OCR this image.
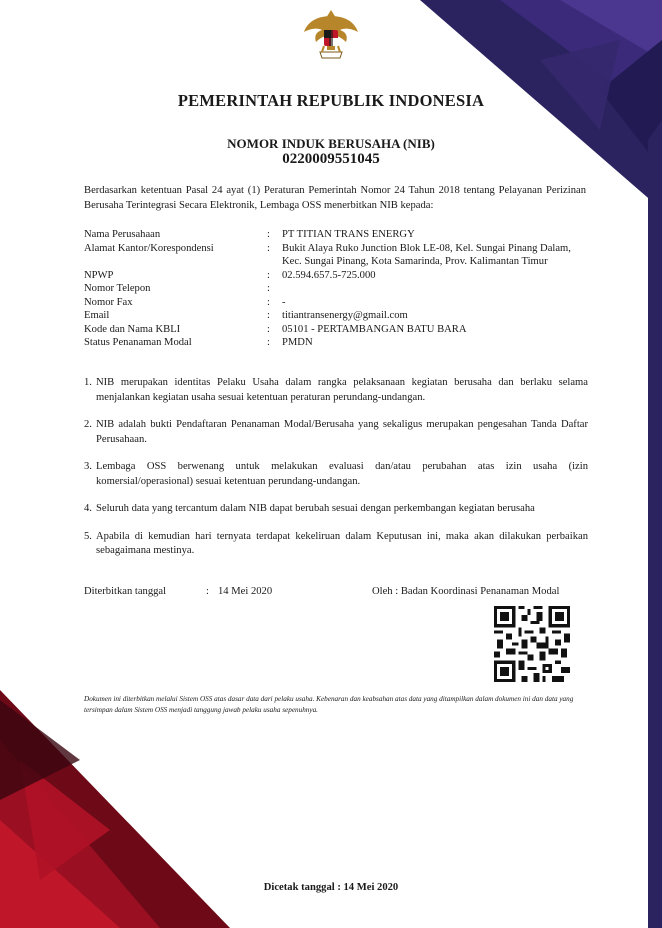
PEMERINTAH REPUBLIK INDONESIA
NOMOR INDUK BERUSAHA (NIB)
0220009551045
Berdasarkan ketentuan Pasal 24 ayat (1) Peraturan Pemerintah Nomor 24 Tahun 2018 tentang Pelayanan Perizinan Berusaha Terintegrasi Secara Elektronik, Lembaga OSS menerbitkan NIB kepada:
Nama Perusahaan	:	PT TITIAN TRANS ENERGY
Alamat Kantor/Korespondensi	:	Bukit Alaya Ruko Junction Blok LE-08, Kel. Sungai Pinang Dalam, Kec. Sungai Pinang, Kota Samarinda, Prov. Kalimantan Timur
NPWP	:	02.594.657.5-725.000
Nomor Telepon	:
Nomor Fax	:	-
Email	:	titiantransenergy@gmail.com
Kode dan Nama KBLI	:	05101 - PERTAMBANGAN BATU BARA
Status Penanaman Modal	:	PMDN
1. NIB merupakan identitas Pelaku Usaha dalam rangka pelaksanaan kegiatan berusaha dan berlaku selama menjalankan kegiatan usaha sesuai ketentuan peraturan perundang-undangan.
2. NIB adalah bukti Pendaftaran Penanaman Modal/Berusaha yang sekaligus merupakan pengesahan Tanda Daftar Perusahaan.
3. Lembaga OSS berwenang untuk melakukan evaluasi dan/atau perubahan atas izin usaha (izin komersial/operasional) sesuai ketentuan perundang-undangan.
4. Seluruh data yang tercantum dalam NIB dapat berubah sesuai dengan perkembangan kegiatan berusaha
5. Apabila di kemudian hari ternyata terdapat kekeliruan dalam Keputusan ini, maka akan dilakukan perbaikan sebagaimana mestinya.
Diterbitkan tanggal	: 14 Mei 2020	Oleh : Badan Koordinasi Penanaman Modal
Dokumen ini diterbitkan melalui Sistem OSS atas dasar data dari pelaku usaha. Kebenaran dan keabsahan atas data yang ditampilkan dalam dokumen ini dan data yang tersimpan dalam Sistem OSS menjadi tanggung jawab pelaku usaha sepenuhnya.
Dicetak tanggal : 14 Mei 2020
